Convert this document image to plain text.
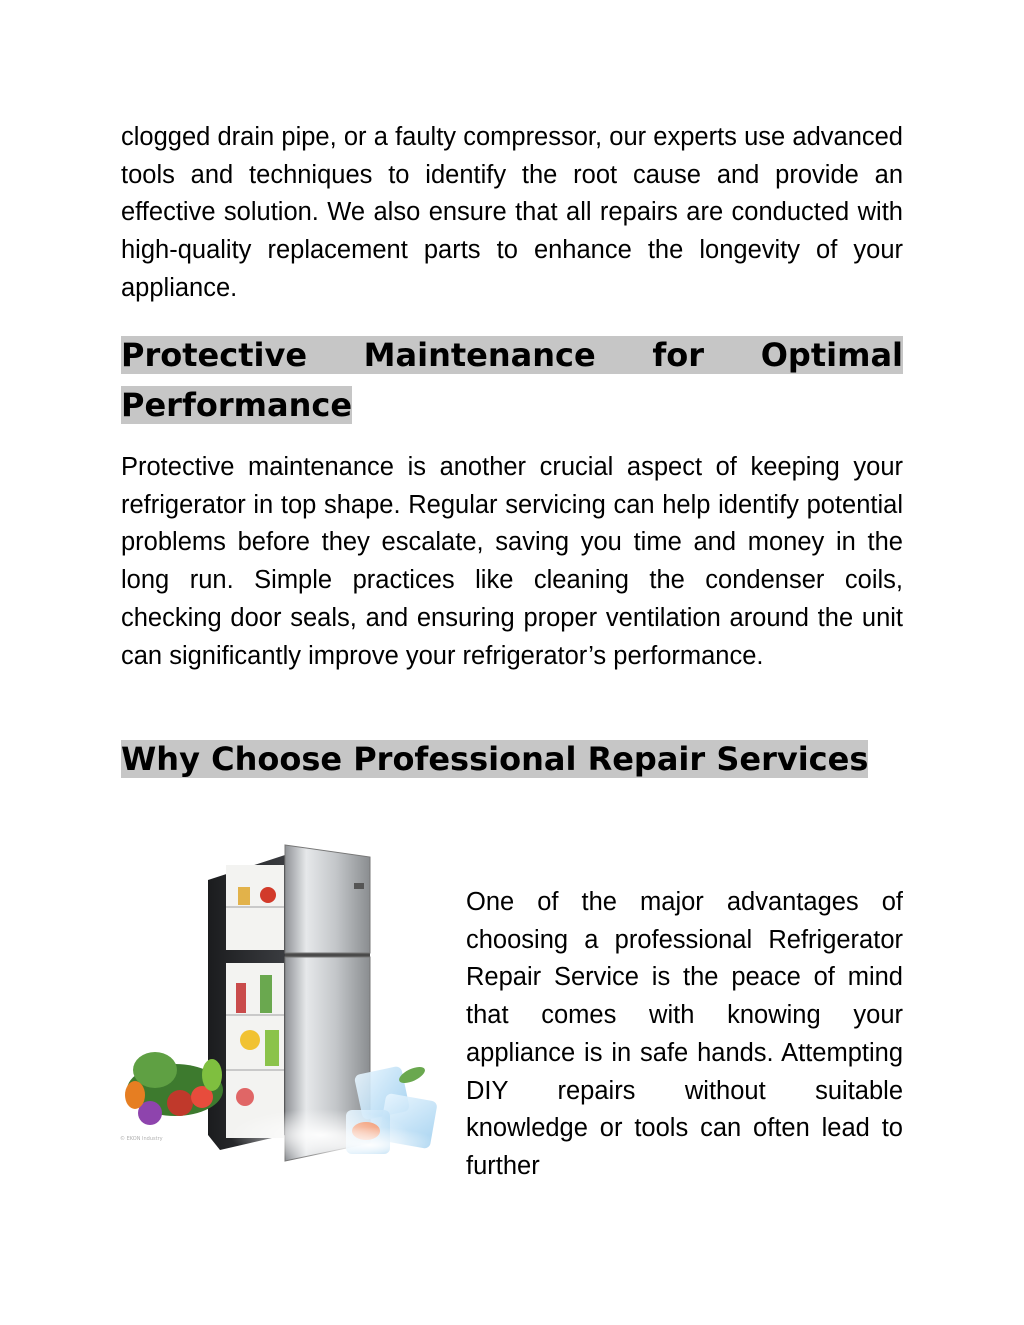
clogged drain pipe, or a faulty compressor, our experts use advanced tools and techniques to identify the root cause and provide an effective solution. We also ensure that all repairs are conducted with high-quality replacement parts to enhance the longevity of your appliance.

Protective Maintenance for Optimal Performance

Protective maintenance is another crucial aspect of keeping your refrigerator in top shape. Regular servicing can help identify potential problems before they escalate, saving you time and money in the long run. Simple practices like cleaning the condenser coils, checking door seals, and ensuring proper ventilation around the unit can significantly improve your refrigerator’s performance.

Why Choose Professional Repair Services
© EKON Industry

One of the major advantages of choosing a professional Refrigerator Repair Service is the peace of mind that comes with knowing your appliance is in safe hands. Attempting DIY repairs without suitable knowledge or tools can often lead to further
